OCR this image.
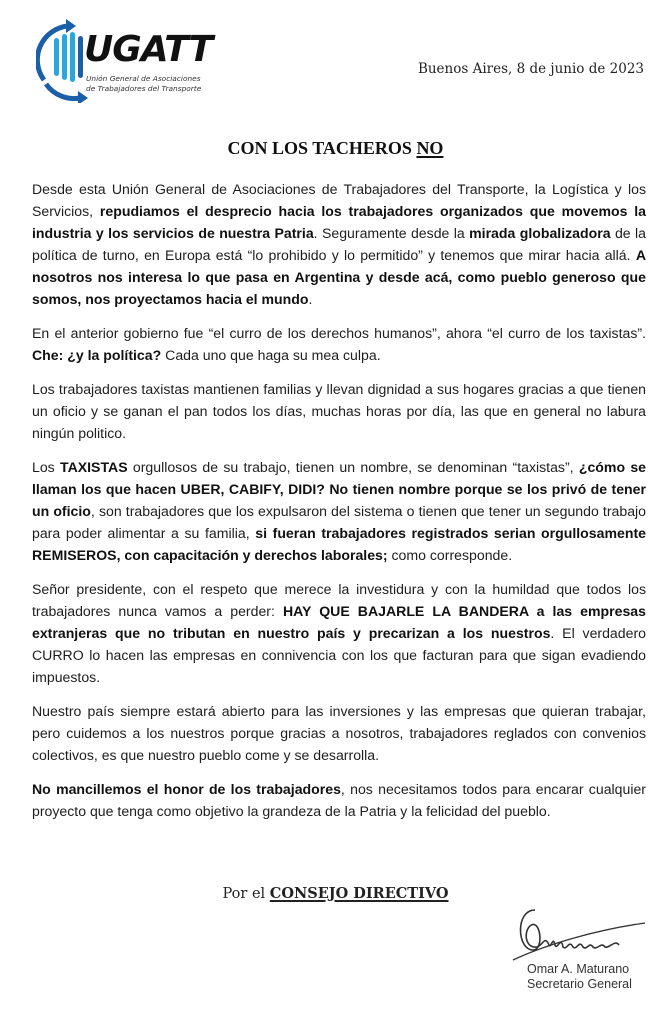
UGATT
Unión General de Asociaciones
de Trabajadores del Transporte
Buenos Aires, 8 de junio de 2023
CON LOS TACHEROS NO

Desde esta Unión General de Asociaciones de Trabajadores del Transporte, la Logística y los Servicios, repudiamos el desprecio hacia los trabajadores organizados que movemos la industria y los servicios de nuestra Patria. Seguramente desde la mirada globalizadora de la política de turno, en Europa está “lo prohibido y lo permitido” y tenemos que mirar hacia allá. A nosotros nos interesa lo que pasa en Argentina y desde acá, como pueblo generoso que somos, nos proyectamos hacia el mundo.

En el anterior gobierno fue “el curro de los derechos humanos”, ahora “el curro de los taxistas”. Che: ¿y la política? Cada uno que haga su mea culpa.

Los trabajadores taxistas mantienen familias y llevan dignidad a sus hogares gracias a que tienen un oficio y se ganan el pan todos los días, muchas horas por día, las que en general no labura ningún politico.

Los TAXISTAS orgullosos de su trabajo, tienen un nombre, se denominan “taxistas”, ¿cómo se llaman los que hacen UBER, CABIFY, DIDI? No tienen nombre porque se los privó de tener un oficio, son trabajadores que los expulsaron del sistema o tienen que tener un segundo trabajo para poder alimentar a su familia, si fueran trabajadores registrados serian orgullosamente REMISEROS, con capacitación y derechos laborales; como corresponde.

Señor presidente, con el respeto que merece la investidura y con la humildad que todos los trabajadores nunca vamos a perder: HAY QUE BAJARLE LA BANDERA a las empresas extranjeras que no tributan en nuestro país y precarizan a los nuestros. El verdadero CURRO lo hacen las empresas en connivencia con los que facturan para que sigan evadiendo impuestos.

Nuestro país siempre estará abierto para las inversiones y las empresas que quieran trabajar, pero cuidemos a los nuestros porque gracias a nosotros, trabajadores reglados con convenios colectivos, es que nuestro pueblo come y se desarrolla.

No mancillemos el honor de los trabajadores, nos necesitamos todos para encarar cualquier proyecto que tenga como objetivo la grandeza de la Patria y la felicidad del pueblo.

Por el CONSEJO DIRECTIVO
Omar A. Maturano
Secretario General
